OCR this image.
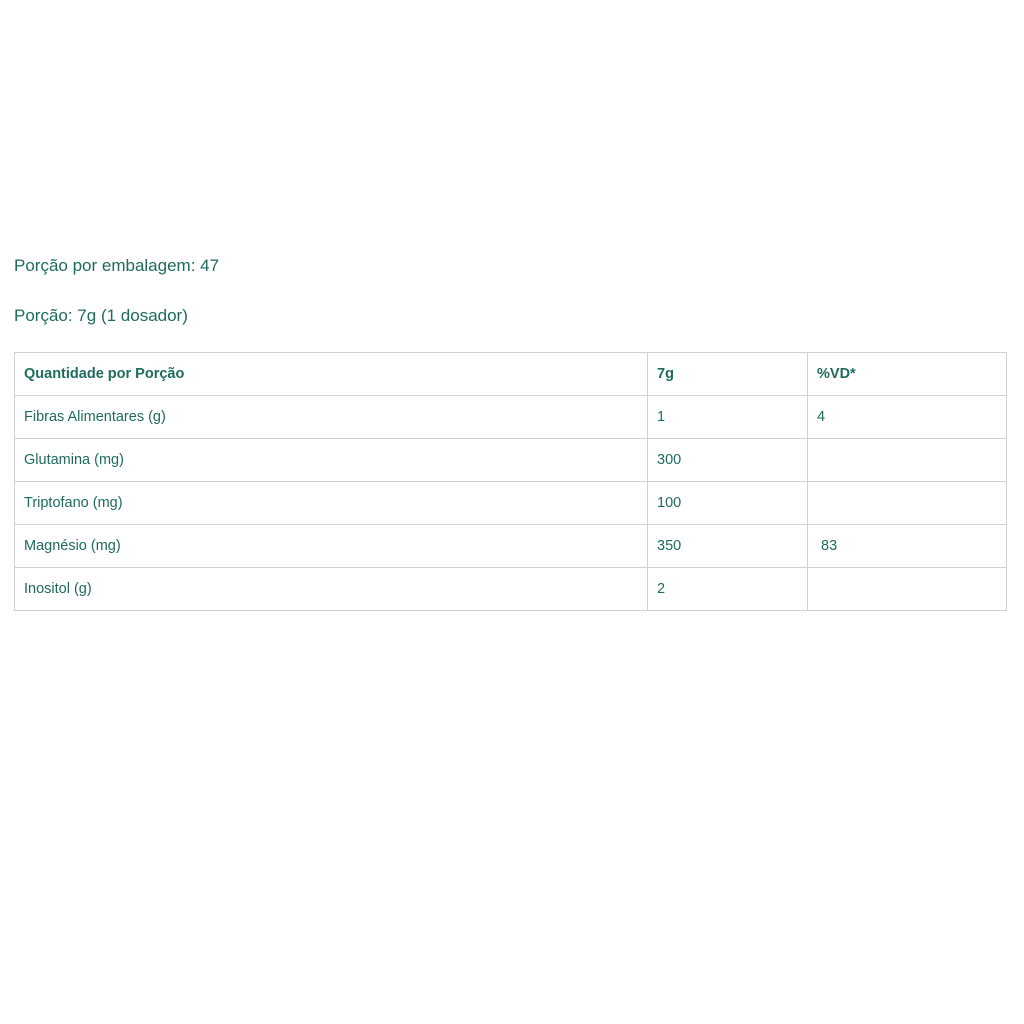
Porção por embalagem: 47

Porção: 7g (1 dosador)

Quantidade por Porção	7g	%VD*
Fibras Alimentares (g)	1	4
Glutamina (mg)	300	
Triptofano (mg)	100	
Magnésio (mg)	350	83
Inositol (g)	2	
